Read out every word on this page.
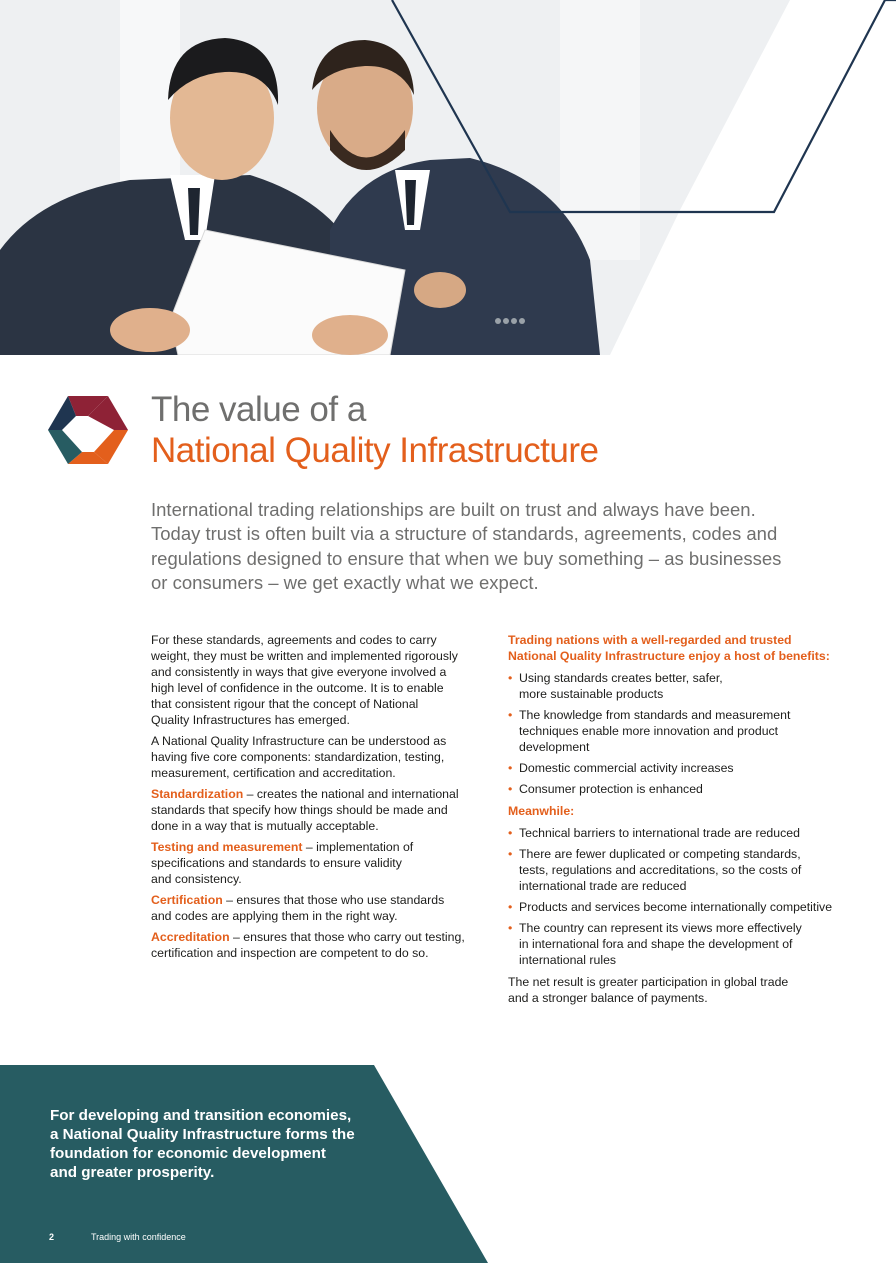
The value of a
National Quality Infrastructure
International trading relationships are built on trust and always have been.
Today trust is often built via a structure of standards, agreements, codes and
regulations designed to ensure that when we buy something – as businesses
or consumers – we get exactly what we expect.

For these standards, agreements and codes to carry
weight, they must be written and implemented rigorously
and consistently in ways that give everyone involved a
high level of confidence in the outcome. It is to enable
that consistent rigour that the concept of National
Quality Infrastructures has emerged.

A National Quality Infrastructure can be understood as
having five core components: standardization, testing,
measurement, certification and accreditation.

Standardization – creates the national and international
standards that specify how things should be made and
done in a way that is mutually acceptable.

Testing and measurement – implementation of
specifications and standards to ensure validity
and consistency.

Certification – ensures that those who use standards
and codes are applying them in the right way.

Accreditation – ensures that those who carry out testing,
certification and inspection are competent to do so.

Trading nations with a well-regarded and trusted
National Quality Infrastructure enjoy a host of benefits:
• Using standards creates better, safer,
more sustainable products
• The knowledge from standards and measurement
techniques enable more innovation and product
development
• Domestic commercial activity increases
• Consumer protection is enhanced
Meanwhile:
• Technical barriers to international trade are reduced
• There are fewer duplicated or competing standards,
tests, regulations and accreditations, so the costs of
international trade are reduced
• Products and services become internationally competitive
• The country can represent its views more effectively
in international fora and shape the development of
international rules

The net result is greater participation in global trade
and a stronger balance of payments.

For developing and transition economies,
a National Quality Infrastructure forms the
foundation for economic development
and greater prosperity.
2	Trading with confidence
